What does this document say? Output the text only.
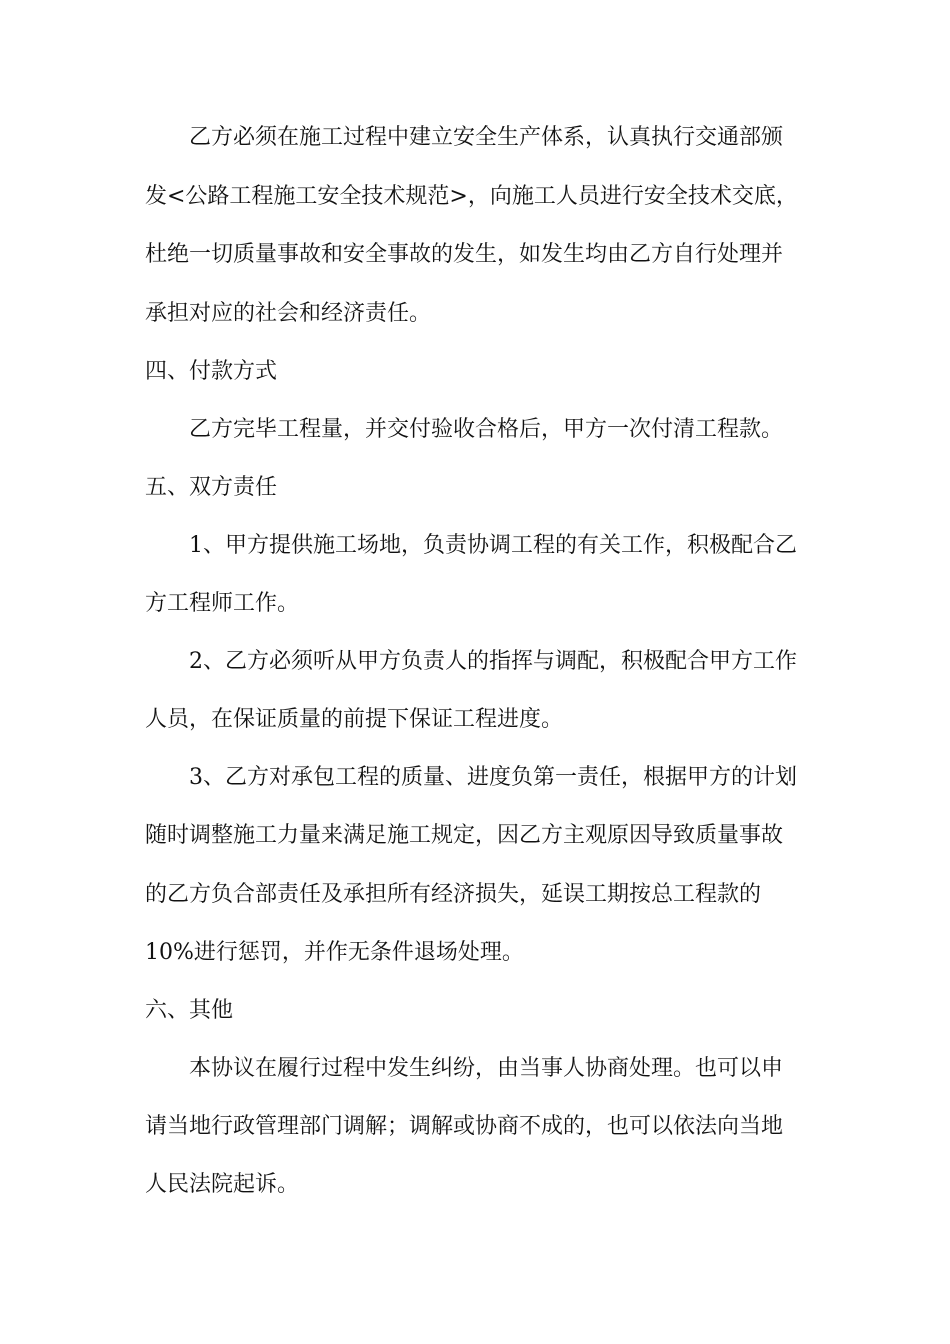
乙方必须在施工过程中建立安全生产体系，认真执行交通部颁

发<公路工程施工安全技术规范>，向施工人员进行安全技术交底，

杜绝一切质量事故和安全事故的发生，如发生均由乙方自行处理并

承担对应的社会和经济责任。

四、付款方式

乙方完毕工程量，并交付验收合格后，甲方一次付清工程款。

五、双方责任

1、甲方提供施工场地，负责协调工程的有关工作，积极配合乙

方工程师工作。

2、乙方必须听从甲方负责人的指挥与调配，积极配合甲方工作

人员，在保证质量的前提下保证工程进度。

3、乙方对承包工程的质量、进度负第一责任，根据甲方的计划

随时调整施工力量来满足施工规定，因乙方主观原因导致质量事故

的乙方负合部责任及承担所有经济损失，延误工期按总工程款的

10%进行惩罚，并作无条件退场处理。

六、其他

本协议在履行过程中发生纠纷，由当事人协商处理。也可以申

请当地行政管理部门调解；调解或协商不成的，也可以依法向当地

人民法院起诉。
